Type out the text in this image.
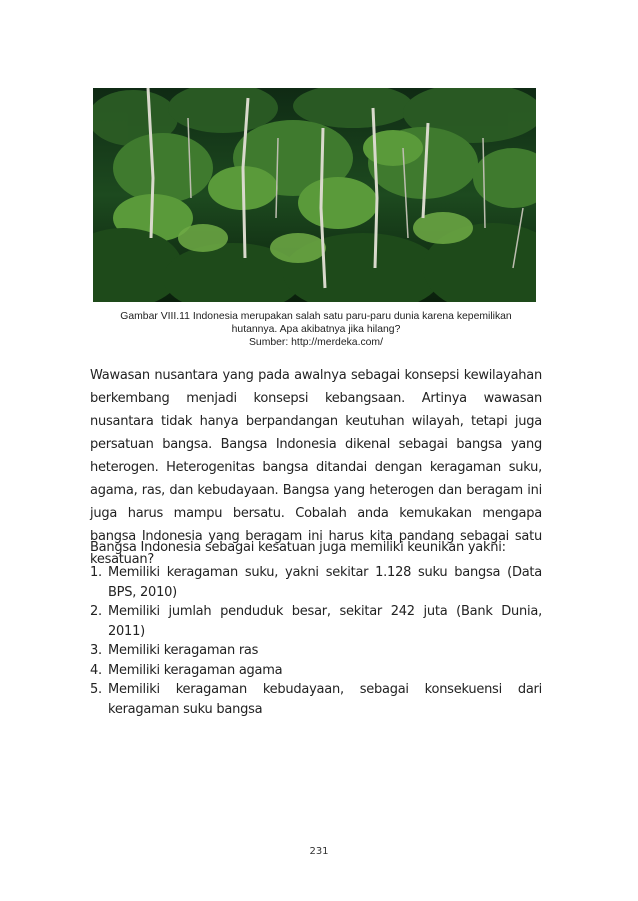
Gambar VIII.11 Indonesia merupakan salah satu paru-paru dunia karena kepemilikan
hutannya. Apa akibatnya jika hilang?
Sumber: http://merdeka.com/

Wawasan nusantara yang pada awalnya sebagai konsepsi kewilayahan berkembang menjadi konsepsi kebangsaan. Artinya wawasan nusantara tidak hanya berpandangan keutuhan wilayah, tetapi juga persatuan bangsa. Bangsa Indonesia dikenal sebagai bangsa yang heterogen. Heterogenitas bangsa ditandai dengan keragaman suku, agama, ras, dan kebudayaan. Bangsa yang heterogen dan beragam ini juga harus mampu bersatu. Cobalah anda kemukakan mengapa bangsa Indonesia yang beragam ini harus kita pandang sebagai satu kesatuan?

Bangsa Indonesia sebagai kesatuan juga memiliki keunikan yakni:

1. Memiliki keragaman suku, yakni sekitar 1.128 suku bangsa (Data BPS, 2010)
2. Memiliki jumlah penduduk besar, sekitar 242 juta (Bank Dunia, 2011)
3. Memiliki keragaman ras
4. Memiliki keragaman agama
5. Memiliki keragaman kebudayaan, sebagai konsekuensi dari keragaman suku bangsa
231
